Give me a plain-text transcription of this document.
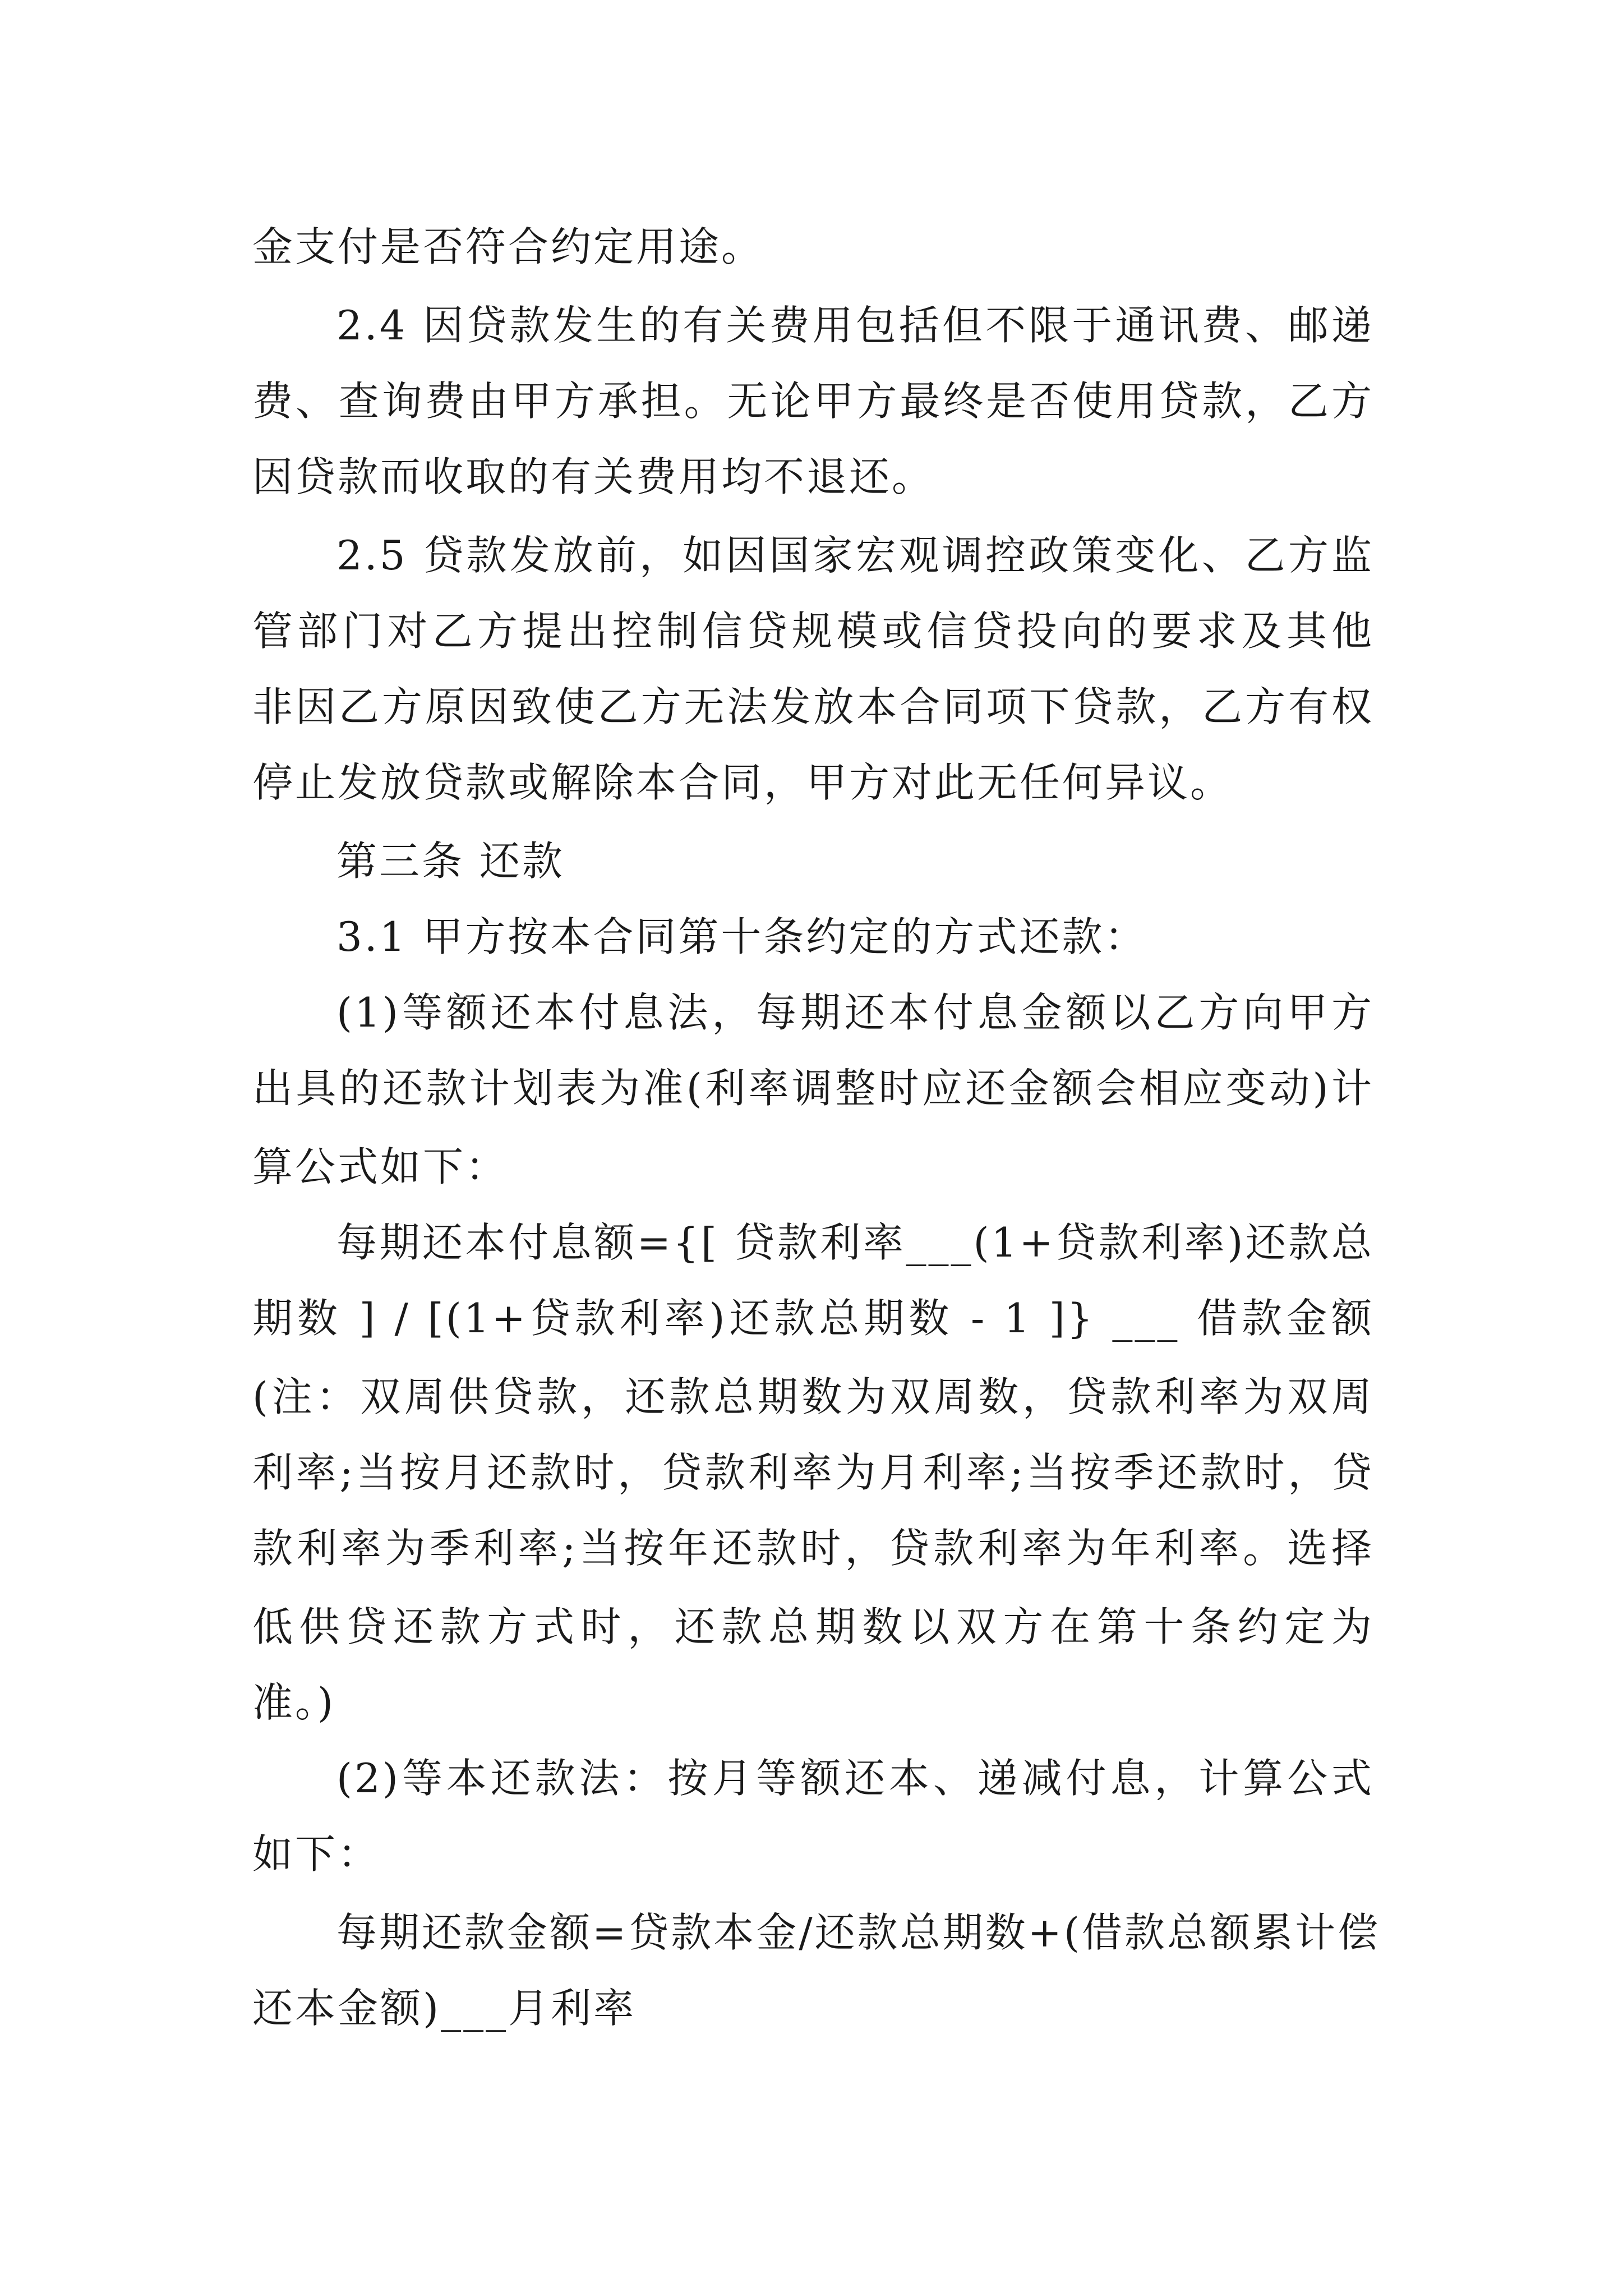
金支付是否符合约定用途。
2.4 因贷款发生的有关费用包括但不限于通讯费、邮递
费、查询费由甲方承担。无论甲方最终是否使用贷款，乙方
因贷款而收取的有关费用均不退还。
2.5 贷款发放前，如因国家宏观调控政策变化、乙方监
管部门对乙方提出控制信贷规模或信贷投向的要求及其他
非因乙方原因致使乙方无法发放本合同项下贷款，乙方有权
停止发放贷款或解除本合同，甲方对此无任何异议。
第三条 还款
3.1 甲方按本合同第十条约定的方式还款：
(1)等额还本付息法，每期还本付息金额以乙方向甲方
出具的还款计划表为准(利率调整时应还金额会相应变动)计
算公式如下：
每期还本付息额={[ 贷款利率___(1+贷款利率)还款总
期数 ] / [(1+贷款利率)还款总期数 - 1 ]} ___ 借款金额
(注：双周供贷款，还款总期数为双周数，贷款利率为双周
利率;当按月还款时，贷款利率为月利率;当按季还款时，贷
款利率为季利率;当按年还款时，贷款利率为年利率。选择
低供贷还款方式时，还款总期数以双方在第十条约定为
准。)
(2)等本还款法：按月等额还本、递减付息，计算公式
如下：
每期还款金额=贷款本金/还款总期数+(借款总额累计偿
还本金额)___月利率
